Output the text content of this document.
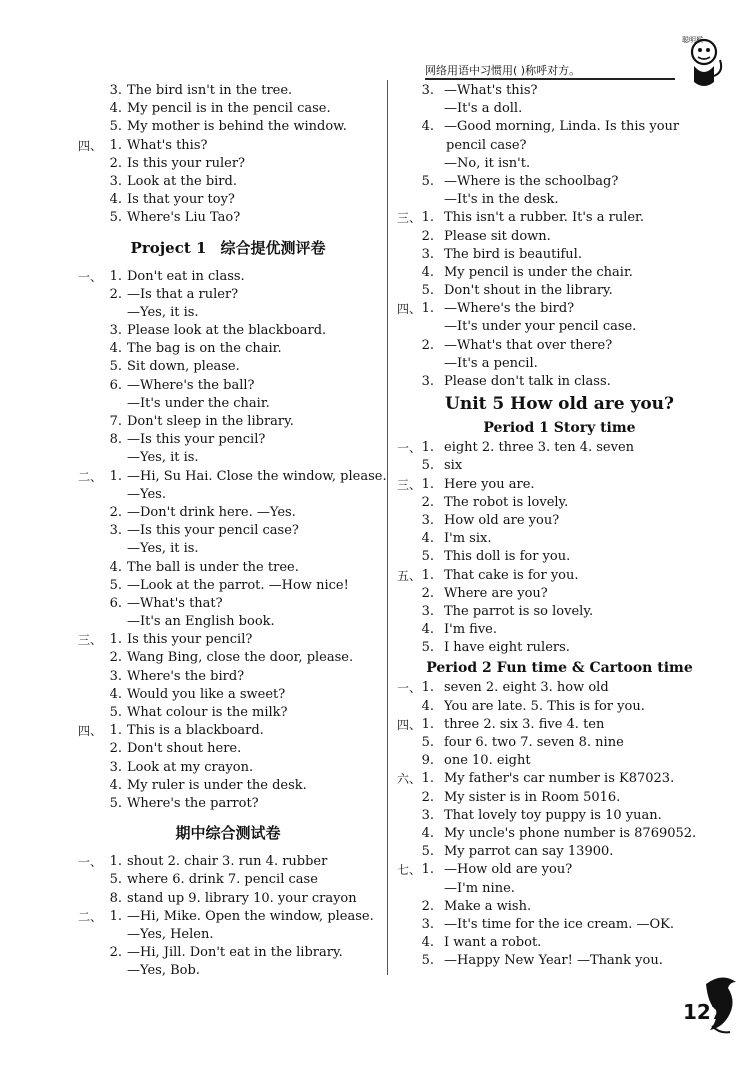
网络用语中习惯用( )称呼对方。
聪明猴
3. The bird isn't in the tree.
4. My pencil is in the pencil case.
5. My mother is behind the window.
四、 1. What's this?
2. Is this your ruler?
3. Look at the bird.
4. Is that your toy?
5. Where's Liu Tao?
Project 1 综合提优测评卷
一、 1. Don't eat in class.
2. —Is that a ruler?
—Yes, it is.
3. Please look at the blackboard.
4. The bag is on the chair.
5. Sit down, please.
6. —Where's the ball?
—It's under the chair.
7. Don't sleep in the library.
8. —Is this your pencil?
—Yes, it is.
二、 1. —Hi, Su Hai. Close the window, please.
—Yes.
2. —Don't drink here. —Yes.
3. —Is this your pencil case?
—Yes, it is.
4. The ball is under the tree.
5. —Look at the parrot. —How nice!
6. —What's that?
—It's an English book.
三、 1. Is this your pencil?
2. Wang Bing, close the door, please.
3. Where's the bird?
4. Would you like a sweet?
5. What colour is the milk?
四、 1. This is a blackboard.
2. Don't shout here.
3. Look at my crayon.
4. My ruler is under the desk.
5. Where's the parrot?
期中综合测试卷
一、 1. shout 2. chair 3. run 4. rubber
5. where 6. drink 7. pencil case
8. stand up 9. library 10. your crayon
二、 1. —Hi, Mike. Open the window, please.
—Yes, Helen.
2. —Hi, Jill. Don't eat in the library.
—Yes, Bob.
3. —What's this?
—It's a doll.
4. —Good morning, Linda. Is this your
pencil case?
—No, it isn't.
5. —Where is the schoolbag?
—It's in the desk.
三、 1. This isn't a rubber. It's a ruler.
2. Please sit down.
3. The bird is beautiful.
4. My pencil is under the chair.
5. Don't shout in the library.
四、 1. —Where's the bird?
—It's under your pencil case.
2. —What's that over there?
—It's a pencil.
3. Please don't talk in class.
Unit 5 How old are you?
Period 1 Story time
一、 1. eight 2. three 3. ten 4. seven
5. six
三、 1. Here you are.
2. The robot is lovely.
3. How old are you?
4. I'm six.
5. This doll is for you.
五、 1. That cake is for you.
2. Where are you?
3. The parrot is so lovely.
4. I'm five.
5. I have eight rulers.
Period 2 Fun time & Cartoon time
一、 1. seven 2. eight 3. how old
4. You are late. 5. This is for you.
四、 1. three 2. six 3. five 4. ten
5. four 6. two 7. seven 8. nine
9. one 10. eight
六、 1. My father's car number is K87023.
2. My sister is in Room 5016.
3. That lovely toy puppy is 10 yuan.
4. My uncle's phone number is 8769052.
5. My parrot can say 13900.
七、 1. —How old are you?
—I'm nine.
2. Make a wish.
3. —It's time for the ice cream. —OK.
4. I want a robot.
5. —Happy New Year! —Thank you.
127
